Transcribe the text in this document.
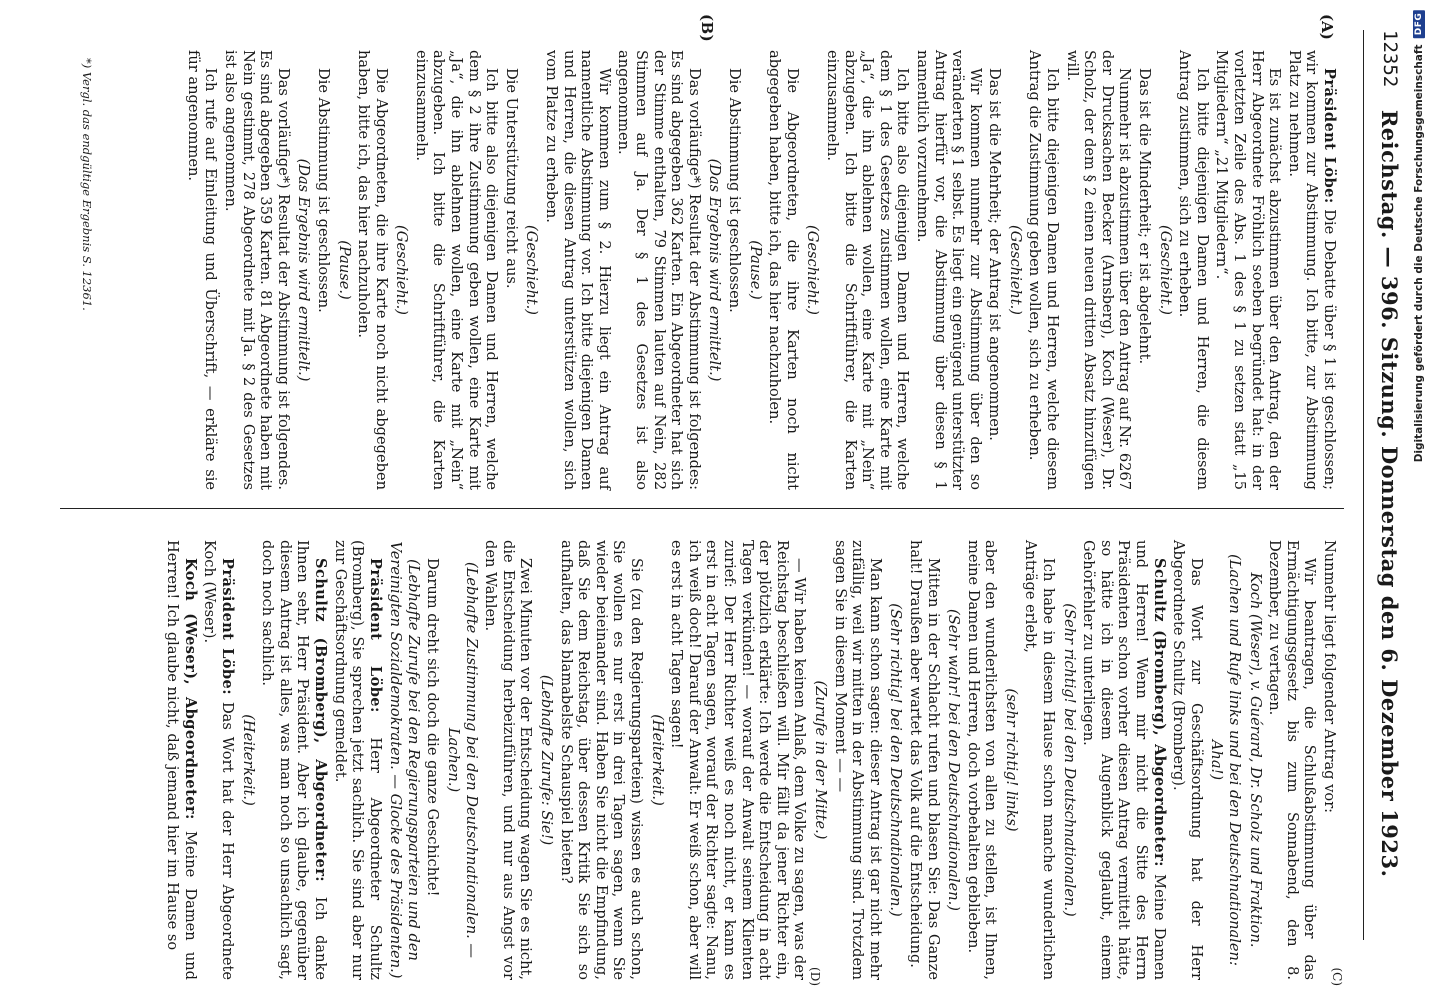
12352
Reichstag. — 396. Sitzung. Donnerstag den 6. Dezember 1923.
(A)
(B)
(C)
(D)

Präsident Löbe: Die Debatte über § 1 ist geschlossen; wir kommen zur Abstimmung. Ich bitte, zur Abstimmung Platz zu nehmen.

Es ist zunächst abzustimmen über den Antrag, den der Herr Abgeordnete Fröhlich soeben begründet hat: in der vorletzten Zeile des Abs. 1 des § 1 zu setzen statt „15 Mitgliedern“ „21 Mitgliedern“.

Ich bitte diejenigen Damen und Herren, die diesem Antrag zustimmen, sich zu erheben.

(Geschieht.)

Das ist die Minderheit; er ist abgelehnt.

Nunmehr ist abzustimmen über den Antrag auf Nr. 6267 der Drucksachen Becker (Arnsberg), Koch (Weser), Dr. Scholz, der dem § 2 einen neuen dritten Absatz hinzufügen will.

Ich bitte diejenigen Damen und Herren, welche diesem Antrag die Zustimmung geben wollen, sich zu erheben.

(Geschieht.)

Das ist die Mehrheit; der Antrag ist angenommen.

Wir kommen nunmehr zur Abstimmung über den so veränderten § 1 selbst. Es liegt ein genügend unterstützter Antrag hierfür vor, die Abstimmung über diesen § 1 namentlich vorzunehmen.

Ich bitte also diejenigen Damen und Herren, welche dem § 1 des Gesetzes zustimmen wollen, eine Karte mit „Ja“, die ihn ablehnen wollen, eine Karte mit „Nein“ abzugeben. Ich bitte die Schriftführer, die Karten einzusammeln.

(Geschieht.)

Die Abgeordneten, die ihre Karten noch nicht abgegeben haben, bitte ich, das hier nachzuholen.

(Pause.)

Die Abstimmung ist geschlossen.

(Das Ergebnis wird ermittelt.)

Das vorläufige*) Resultat der Abstimmung ist folgendes: Es sind abgegeben 362 Karten. Ein Abgeordneter hat sich der Stimme enthalten, 79 Stimmen lauten auf Nein, 282 Stimmen auf Ja. Der § 1 des Gesetzes ist also angenommen.

Wir kommen zum § 2. Hierzu liegt ein Antrag auf namentliche Abstimmung vor. Ich bitte diejenigen Damen und Herren, die diesen Antrag unterstützen wollen, sich vom Platze zu erheben.

(Geschieht.)

Die Unterstützung reicht aus.

Ich bitte also diejenigen Damen und Herren, welche dem § 2 ihre Zustimmung geben wollen, eine Karte mit „Ja“, die ihn ablehnen wollen, eine Karte mit „Nein“ abzugeben. Ich bitte die Schriftführer, die Karten einzusammeln.

(Geschieht.)

Die Abgeordneten, die ihre Karte noch nicht abgegeben haben, bitte ich, das hier nachzuholen.

(Pause.)

Die Abstimmung ist geschlossen.

(Das Ergebnis wird ermittelt.)

Das vorläufige*) Resultat der Abstimmung ist folgendes. Es sind abgegeben 359 Karten. 81 Abgeordnete haben mit Nein gestimmt, 278 Abgeordnete mit Ja. § 2 des Gesetzes ist also angenommen.

Ich rufe auf Einleitung und Überschrift, — erkläre sie für angenommen.

Nunmehr liegt folgender Antrag vor:

Wir beantragen, die Schlußabstimmung über das Ermächtigungsgesetz bis zum Sonnabend, den 8. Dezember, zu vertagen.

Koch (Weser), v. Guérard, Dr. Scholz und Fraktion.

(Lachen und Rufe links und bei den Deutschnationalen: Aha!)

Das Wort zur Geschäftsordnung hat der Herr Abgeordnete Schultz (Bromberg).

Schultz (Bromberg), Abgeordneter: Meine Damen und Herren! Wenn mir nicht die Sitte des Herrn Präsidenten schon vorher diesen Antrag vermittelt hätte, so hätte ich in diesem Augenblick geglaubt, einem Gehörfehler zu unterliegen.

(Sehr richtig! bei den Deutschnationalen.)

Ich habe in diesem Hause schon manche wunderlichen Anträge erlebt,

(sehr richtig! links)

aber den wunderlichsten von allen zu stellen, ist Ihnen, meine Damen und Herren, doch vorbehalten geblieben.

(Sehr wahr! bei den Deutschnationalen.)

Mitten in der Schlacht rufen und blasen Sie: Das Ganze halt! Draußen aber wartet das Volk auf die Entscheidung.

(Sehr richtig! bei den Deutschnationalen.)

Man kann schon sagen: dieser Antrag ist gar nicht mehr zufällig, weil wir mitten in der Abstimmung sind. Trotzdem sagen Sie in diesem Moment — —

(Zurufe in der Mitte.)

— Wir haben keinen Anlaß, dem Volke zu sagen, was der Reichstag beschließen will. Mir fällt da jener Richter ein, der plötzlich erklärte: Ich werde die Entscheidung in acht Tagen verkünden! — worauf der Anwalt seinem Klienten zurief: Der Herr Richter weiß es noch nicht, er kann es erst in acht Tagen sagen, worauf der Richter sagte: Nanu, ich weiß doch! Darauf der Anwalt: Er weiß schon, aber will es erst in acht Tagen sagen!

(Heiterkeit.)

Sie (zu den Regierungsparteien) wissen es auch schon, Sie wollen es nur erst in drei Tagen sagen, wenn Sie wieder beieinander sind. Haben Sie nicht die Empfindung, daß Sie dem Reichstag, über dessen Kritik Sie sich so aufhalten, das blamabelste Schauspiel bieten?

(Lebhafte Zurufe: Sie!)

Zwei Minuten vor der Entscheidung wagen Sie es nicht, die Entscheidung herbeizuführen, und nur aus Angst vor den Wahlen.

(Lebhafte Zustimmung bei den Deutschnationalen. — Lachen.)

Darum dreht sich doch die ganze Geschichte!

(Lebhafte Zurufe bei den Regierungsparteien und den Vereinigten Sozialdemokraten. — Glocke des Präsidenten.)

Präsident Löbe: Herr Abgeordneter Schultz (Bromberg), Sie sprechen jetzt sachlich. Sie sind aber nur zur Geschäftsordnung gemeldet.

Schultz (Bromberg), Abgeordneter: Ich danke Ihnen sehr, Herr Präsident. Aber ich glaube, gegenüber diesem Antrag ist alles, was man noch so unsachlich sagt, doch noch sachlich.

(Heiterkeit.)

Präsident Löbe: Das Wort hat der Herr Abgeordnete Koch (Weser).

Koch (Weser), Abgeordneter: Meine Damen und Herren! Ich glaube nicht, daß jemand hier im Hause so

*) Vergl. das endgültige Ergebnis S. 12361.	Digitalisierung gefördert durch die Deutsche Forschungsgemeinschaft
DFG
